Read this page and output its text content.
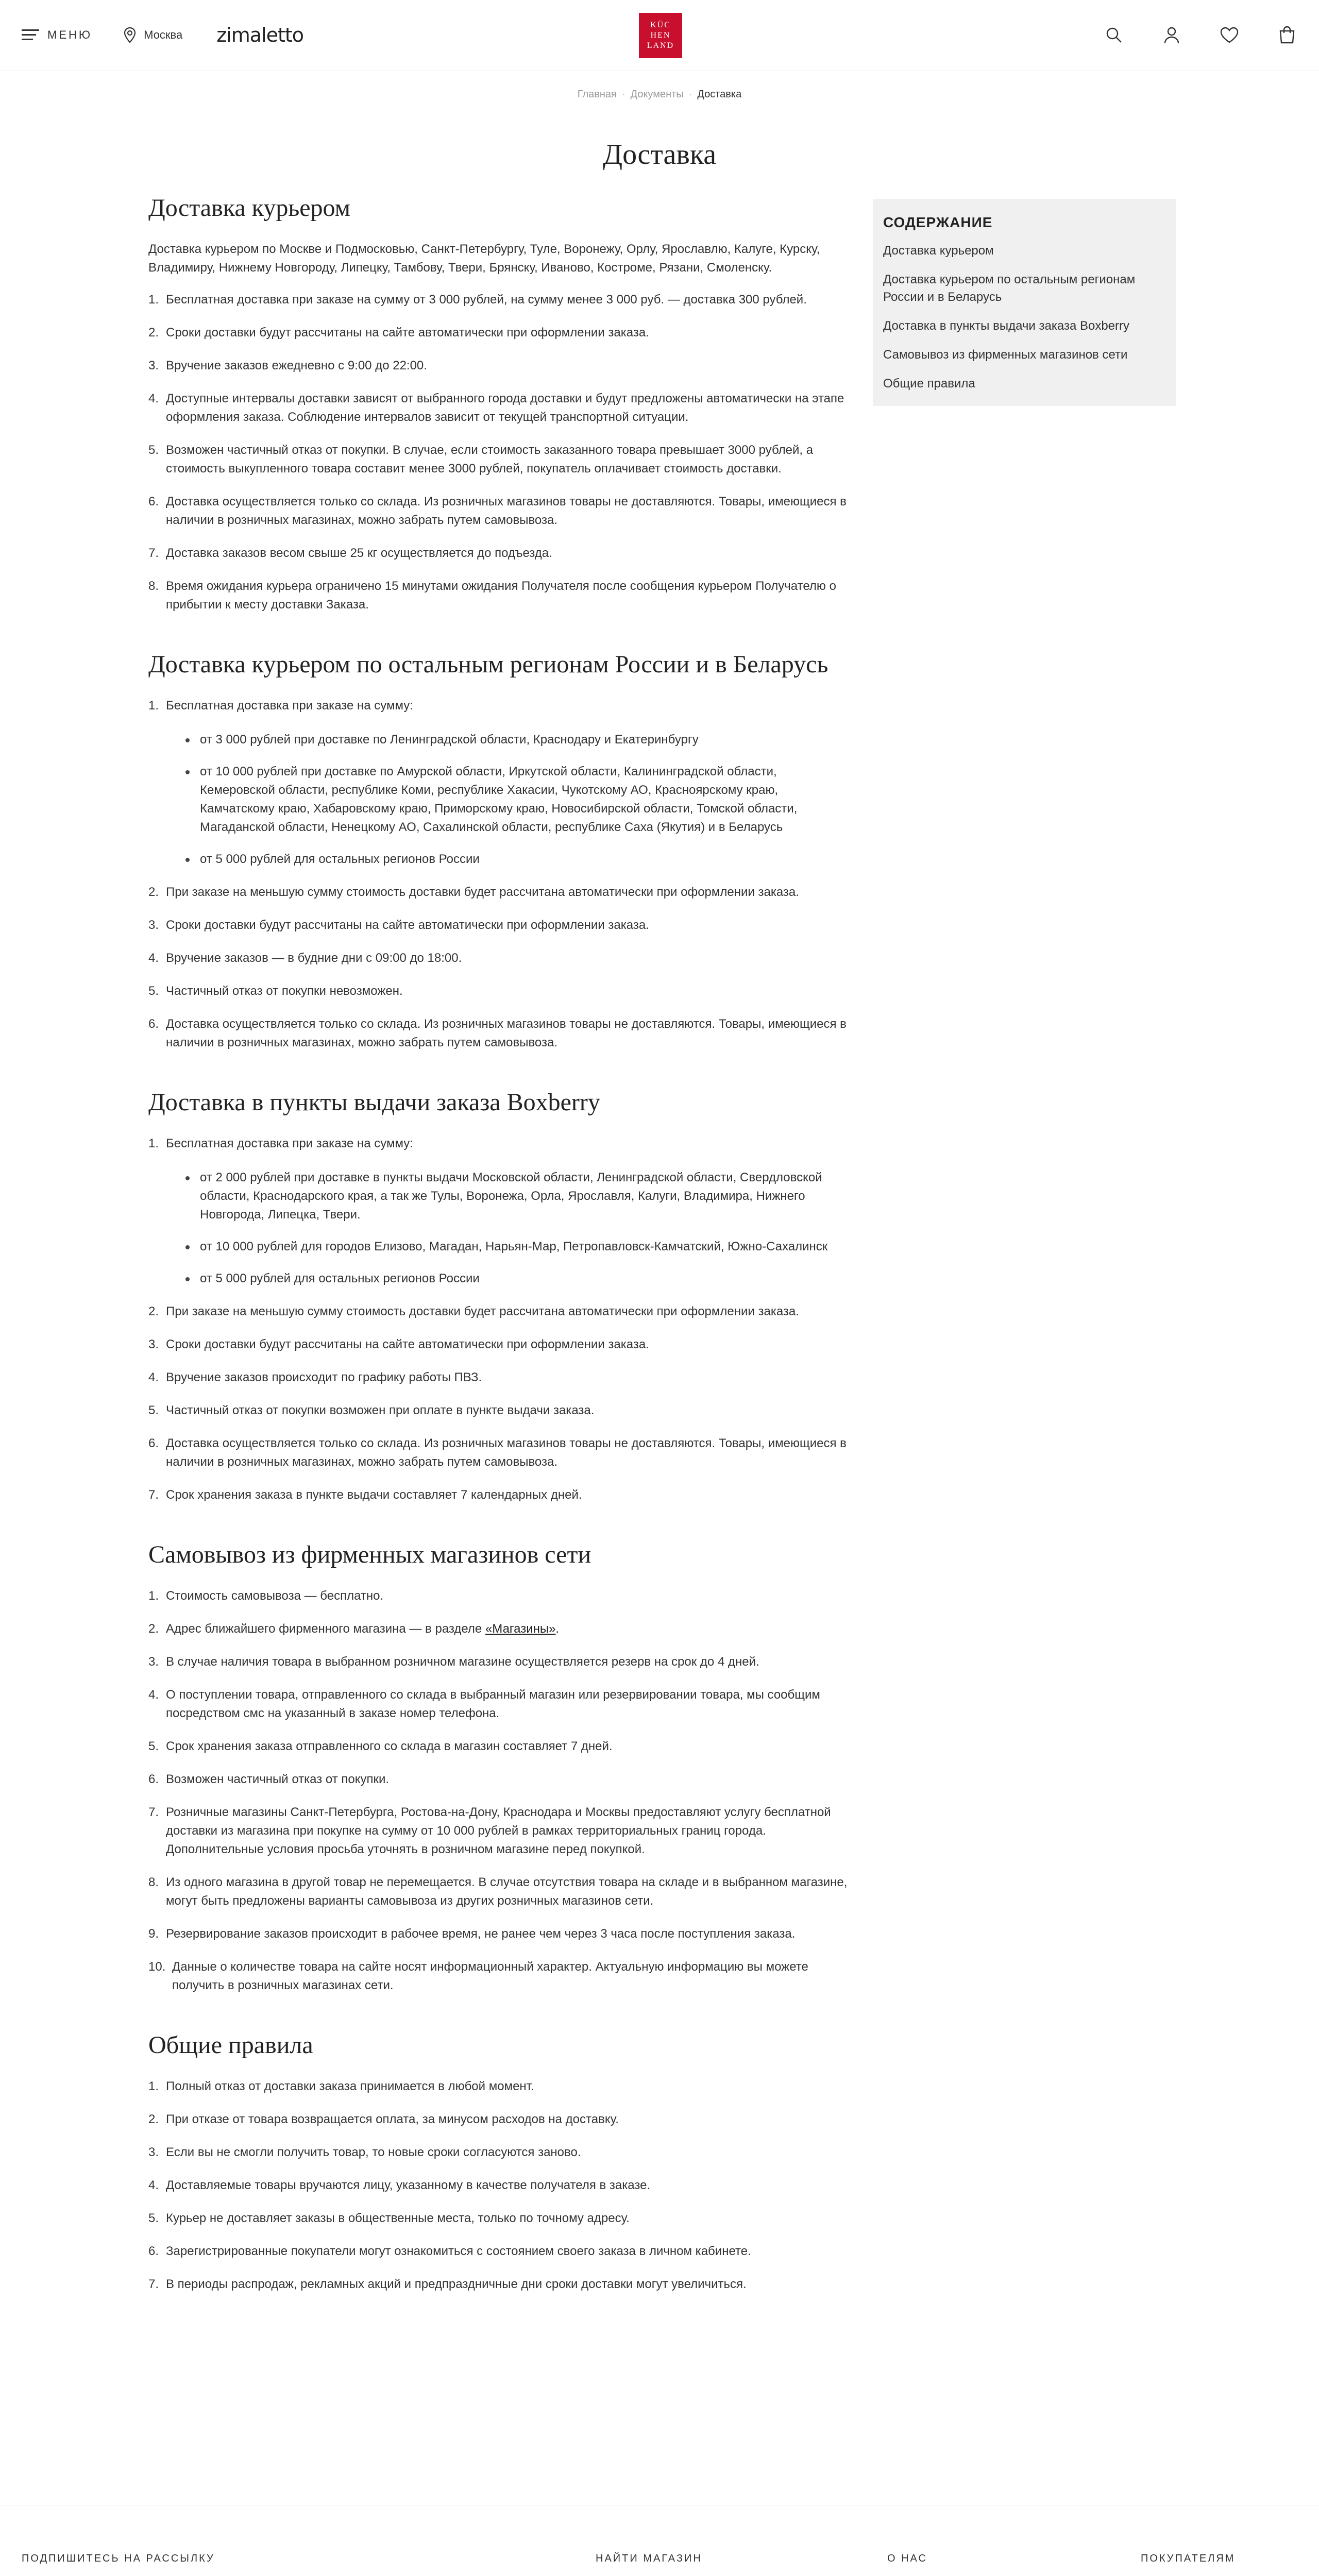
МЕНЮ	Москва zimaletto	KÜC
HEN
LAND
Главная · Документы · Доставка
Доставка
Доставка курьером

Доставка курьером по Москве и Подмосковью, Санкт-Петербургу, Туле, Воронежу, Орлу, Ярославлю, Калуге, Курску, Владимиру, Нижнему Новгороду, Липецку, Тамбову, Твери, Брянску, Иваново, Костроме, Рязани, Смоленску.

1. Бесплатная доставка при заказе на сумму от 3 000 рублей, на сумму менее 3 000 руб. — доставка 300 рублей.
2. Сроки доставки будут рассчитаны на сайте автоматически при оформлении заказа.
3. Вручение заказов ежедневно с 9:00 до 22:00.
4. Доступные интервалы доставки зависят от выбранного города доставки и будут предложены автоматически на этапе оформления заказа. Соблюдение интервалов зависит от текущей транспортной ситуации.
5. Возможен частичный отказ от покупки. В случае, если стоимость заказанного товара превышает 3000 рублей, а стоимость выкупленного товара составит менее 3000 рублей, покупатель оплачивает стоимость доставки.
6. Доставка осуществляется только со склада. Из розничных магазинов товары не доставляются. Товары, имеющиеся в наличии в розничных магазинах, можно забрать путем самовывоза.
7. Доставка заказов весом свыше 25 кг осуществляется до подъезда.
8. Время ожидания курьера ограничено 15 минутами ожидания Получателя после сообщения курьером Получателю о прибытии к месту доставки Заказа.
Доставка курьером по остальным регионам России и в Беларусь
1. Бесплатная доставка при заказе на сумму:
от 3 000 рублей при доставке по Ленинградской области, Краснодару и Екатеринбургу
от 10 000 рублей при доставке по Амурской области, Иркутской области, Калининградской области, Кемеровской области, республике Коми, республике Хакасии, Чукотскому АО, Красноярскому краю, Камчатскому краю, Хабаровскому краю, Приморскому краю, Новосибирской области, Томской области, Магаданской области, Ненецкому АО, Сахалинской области, республике Саха (Якутия) и в Беларусь
от 5 000 рублей для остальных регионов России
2. При заказе на меньшую сумму стоимость доставки будет рассчитана автоматически при оформлении заказа.
3. Сроки доставки будут рассчитаны на сайте автоматически при оформлении заказа.
4. Вручение заказов — в будние дни с 09:00 до 18:00.
5. Частичный отказ от покупки невозможен.
6. Доставка осуществляется только со склада. Из розничных магазинов товары не доставляются. Товары, имеющиеся в наличии в розничных магазинах, можно забрать путем самовывоза.
Доставка в пункты выдачи заказа Boxberry
1. Бесплатная доставка при заказе на сумму:
от 2 000 рублей при доставке в пункты выдачи Московской области, Ленинградской области, Свердловской области, Краснодарского края, а так же Тулы, Воронежа, Орла, Ярославля, Калуги, Владимира, Нижнего Новгорода, Липецка, Твери.
от 10 000 рублей для городов Елизово, Магадан, Нарьян-Мар, Петропавловск-Камчатский, Южно-Сахалинск
от 5 000 рублей для остальных регионов России
2. При заказе на меньшую сумму стоимость доставки будет рассчитана автоматически при оформлении заказа.
3. Сроки доставки будут рассчитаны на сайте автоматически при оформлении заказа.
4. Вручение заказов происходит по графику работы ПВЗ.
5. Частичный отказ от покупки возможен при оплате в пункте выдачи заказа.
6. Доставка осуществляется только со склада. Из розничных магазинов товары не доставляются. Товары, имеющиеся в наличии в розничных магазинах, можно забрать путем самовывоза.
7. Срок хранения заказа в пункте выдачи составляет 7 календарных дней.
Самовывоз из фирменных магазинов сети
1. Стоимость самовывоза — бесплатно.
2. Адрес ближайшего фирменного магазина — в разделе «Магазины».
3. В случае наличия товара в выбранном розничном магазине осуществляется резерв на срок до 4 дней.
4. О поступлении товара, отправленного со склада в выбранный магазин или резервировании товара, мы сообщим посредством смс на указанный в заказе номер телефона.
5. Срок хранения заказа отправленного со склада в магазин составляет 7 дней.
6. Возможен частичный отказ от покупки.
7. Розничные магазины Санкт-Петербурга, Ростова-на-Дону, Краснодара и Москвы предоставляют услугу бесплатной доставки из магазина при покупке на сумму от 10 000 рублей в рамках территориальных границ города. Дополнительные условия просьба уточнять в розничном магазине перед покупкой.
8. Из одного магазина в другой товар не перемещается. В случае отсутствия товара на складе и в выбранном магазине, могут быть предложены варианты самовывоза из других розничных магазинов сети.
9. Резервирование заказов происходит в рабочее время, не ранее чем через 3 часа после поступления заказа.
10. Данные о количестве товара на сайте носят информационный характер. Актуальную информацию вы можете получить в розничных магазинах сети.
Общие правила
1. Полный отказ от доставки заказа принимается в любой момент.
2. При отказе от товара возвращается оплата, за минусом расходов на доставку.
3. Если вы не смогли получить товар, то новые сроки согласуются заново.
4. Доставляемые товары вручаются лицу, указанному в качестве получателя в заказе.
5. Курьер не доставляет заказы в общественные места, только по точному адресу.
6. Зарегистрированные покупатели могут ознакомиться с состоянием своего заказа в личном кабинете.
7. В периоды распродаж, рекламных акций и предпраздничные дни сроки доставки могут увеличиться.
СОДЕРЖАНИЕ
Доставка курьером
Доставка курьером по остальным регионам России и в Беларусь
Доставка в пункты выдачи заказа Boxberry
Самовывоз из фирменных магазинов сети
Общие правила
ПОДПИШИТЕСЬ НА РАССЫЛКУ	НАЙТИ МАГАЗИН	О НАС	ПОКУПАТЕЛЯМ
